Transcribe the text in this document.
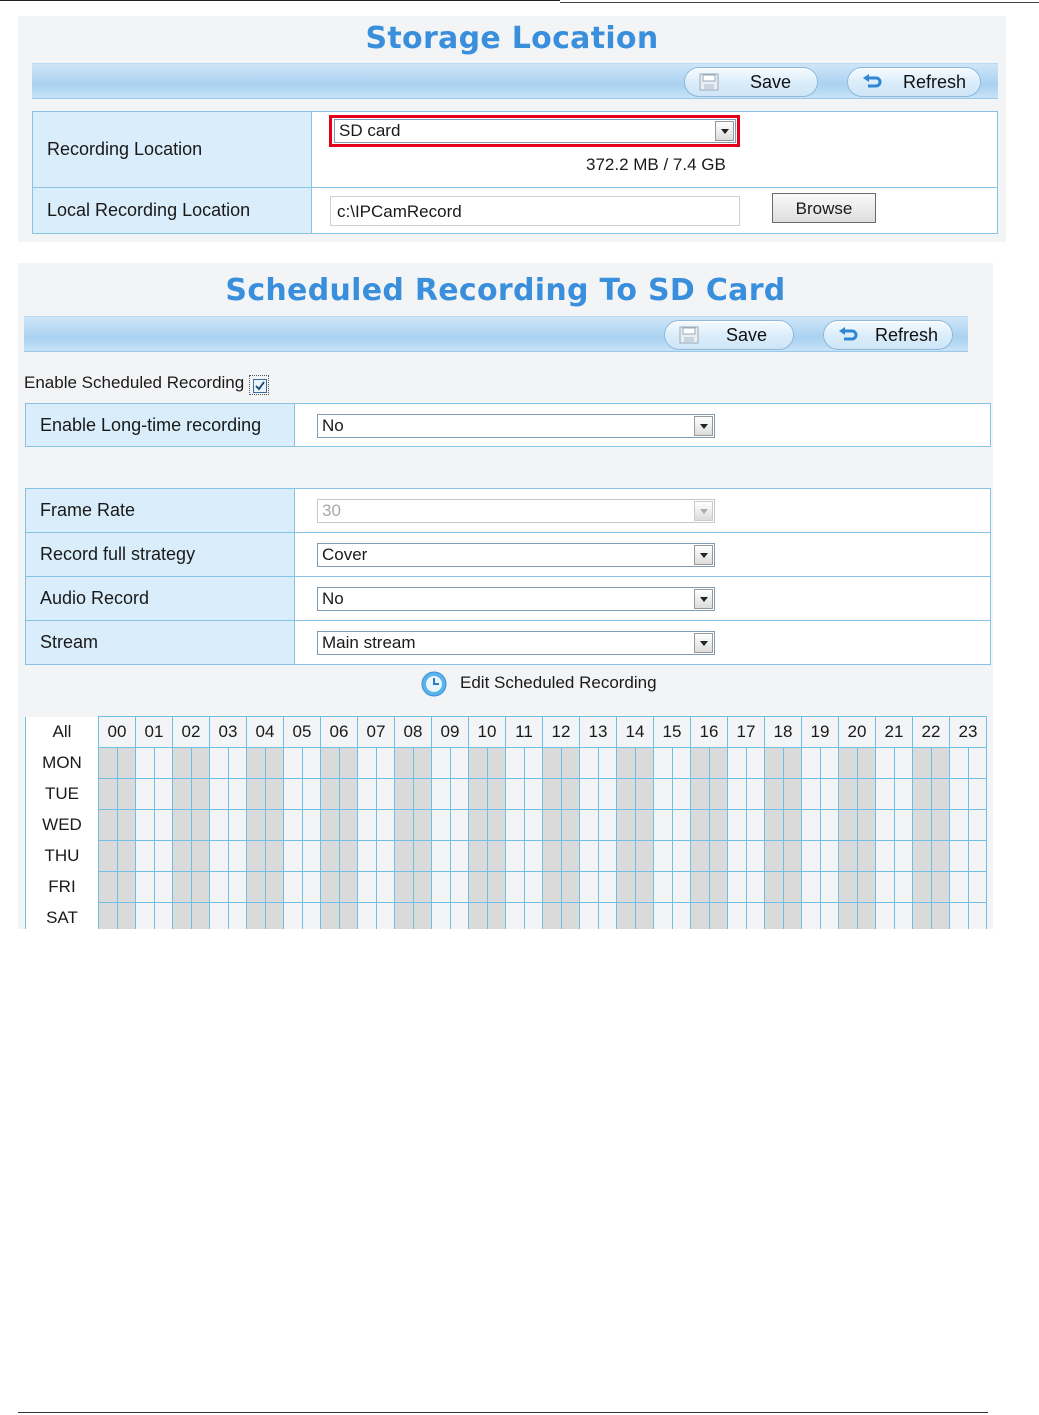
Storage Location
Save	Refresh
Recording Location	SD card
372.2 MB / 7.4 GB

Local Recording Location	c:\IPCamRecord Browse
Scheduled Recording To SD Card
Save	Refresh
Enable Scheduled Recording
Enable Long-time recording	No
Frame Rate	30

Record full strategy	Cover

Audio Record	No

Stream	Main stream
Edit Scheduled Recording
All	00		01		02		03		04		05		06		07		08		09		10		11		12		13		14		15		16		17		18		19		20		21		22		23	
MON																																																
TUE																																																
WED																																																
THU																																																
FRI																																																
SAT																																																
